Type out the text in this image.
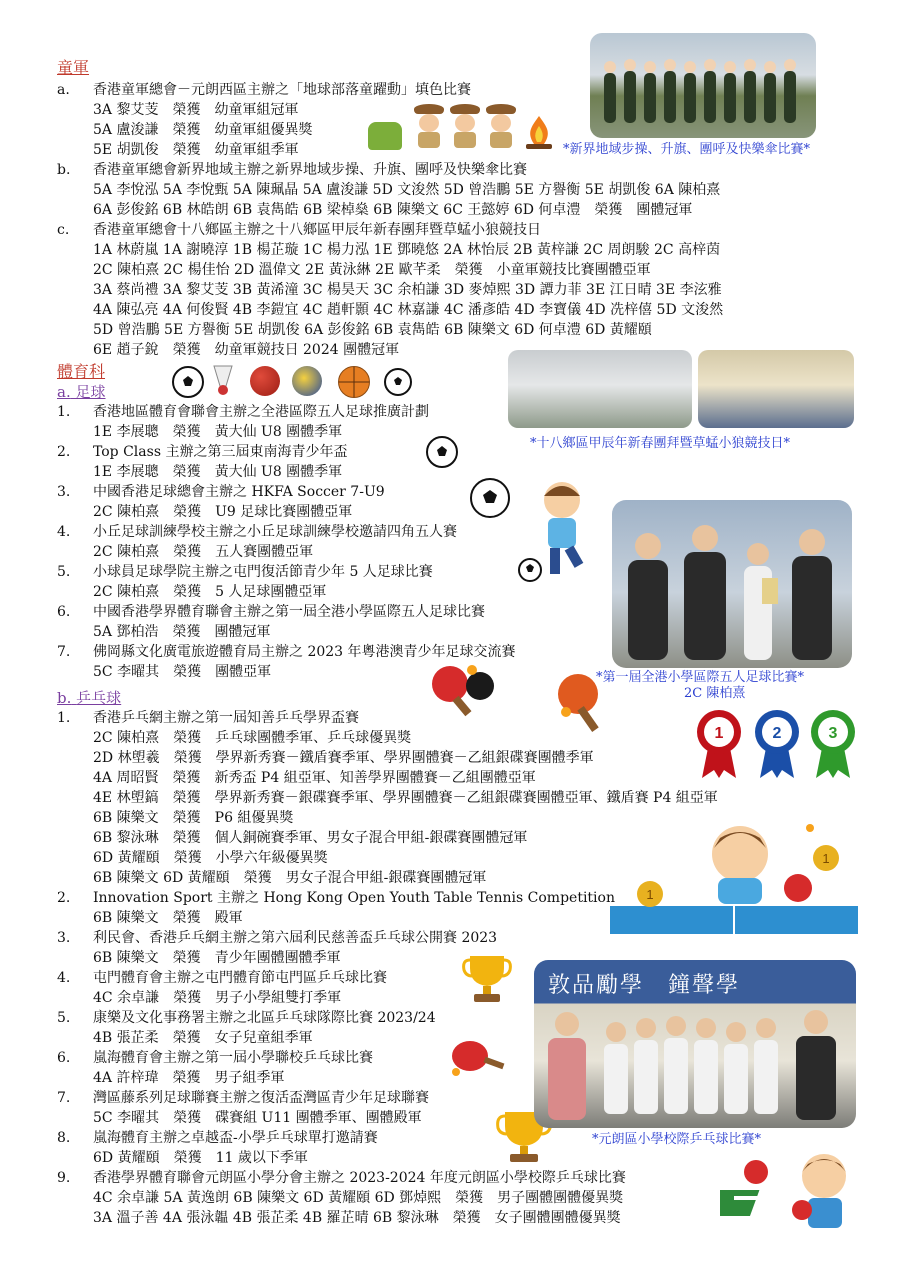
童軍
a. 香港童軍總會－元朗西區主辦之「地球部落童躍動」填色比賽
3A 黎艾芰　榮獲　幼童軍組冠軍
5A 盧浚謙　榮獲　幼童軍組優異獎
5E 胡凱俊　榮獲　幼童軍組季軍	*新界地域步操、升旗、團呼及快樂傘比賽*
b. 香港童軍總會新界地域主辦之新界地域步操、升旗、團呼及快樂傘比賽
5A 李悅泓 5A 李悅甄 5A 陳珮晶 5A 盧浚謙 5D 文浚然 5D 曾浩鵬 5E 方譽衡 5E 胡凱俊 6A 陳柏熹
6A 彭俊銘 6B 林皓朗 6B 袁雋皓 6B 梁棹燊 6B 陳樂文 6C 王懿婷 6D 何卓澧　榮獲　團體冠軍
c. 香港童軍總會十八鄉區主辦之十八鄉區甲辰年新春團拜暨草蜢小狼競技日
1A 林蔚嵐 1A 謝曉淳 1B 楊芷璇 1C 楊力泓 1E 鄧曉悠 2A 林怡辰 2B 黃梓謙 2C 周朗駿 2C 高梓茵
2C 陳柏熹 2C 楊佳怡 2D 溫偉文 2E 黃泳綝 2E 歐芊柔　榮獲　小童軍競技比賽團體亞軍
3A 蔡尚禮 3A 黎艾芰 3B 黃浠潼 3C 楊昊天 3C 余柏謙 3D 麥焯熙 3D 譚力菲 3E 江日晴 3E 李泫雅
4A 陳弘亮 4A 何俊賢 4B 李鎧宜 4C 趙軒顥 4C 林嘉謙 4C 潘彥皓 4D 李寶儀 4D 冼梓僖 5D 文浚然
5D 曾浩鵬 5E 方譽衡 5E 胡凱俊 6A 彭俊銘 6B 袁雋皓 6B 陳樂文 6D 何卓澧 6D 黃耀頤
6E 趙子銳　榮獲　幼童軍競技日 2024 團體冠軍
體育科
a. 足球
*十八鄉區甲辰年新春團拜暨草蜢小狼競技日*
1. 香港地區體育會聯會主辦之全港區際五人足球推廣計劃
1E 李展聰　榮獲　黃大仙 U8 團體季軍
2. Top Class 主辦之第三屆東南海青少年盃
1E 李展聰　榮獲　黃大仙 U8 團體季軍
3. 中國香港足球總會主辦之 HKFA Soccer 7-U9
2C 陳柏熹　榮獲　U9 足球比賽團體亞軍
4. 小丘足球訓練學校主辦之小丘足球訓練學校邀請四角五人賽
2C 陳柏熹　榮獲　五人賽團體亞軍
5. 小球員足球學院主辦之屯門復活節青少年 5 人足球比賽
2C 陳柏熹　榮獲　5 人足球團體亞軍
6. 中國香港學界體育聯會主辦之第一屆全港小學區際五人足球比賽
5A 鄧柏浩　榮獲　團體冠軍
7. 佛岡縣文化廣電旅遊體育局主辦之 2023 年粵港澳青少年足球交流賽
5C 李曜其　榮獲　團體亞軍	*第一屆全港小學區際五人足球比賽*
2C 陳柏熹
b. 乒乓球
1	2	3
1. 香港乒乓網主辦之第一屆知善乒乓學界盃賽
2C 陳柏熹　榮獲　乒乓球團體季軍、乒乓球優異獎
2D 林塱羲　榮獲　學界新秀賽－鐵盾賽季軍、學界團體賽－乙組銀碟賽團體季軍
4A 周昭賢　榮獲　新秀盃 P4 組亞軍、知善學界團體賽－乙組團體亞軍
4E 林塱鎬　榮獲　學界新秀賽－銀碟賽季軍、學界團體賽－乙組銀碟賽團體亞軍、鐵盾賽 P4 組亞軍
6B 陳樂文　榮獲　P6 組優異獎
6B 黎泳琳　榮獲　個人銅碗賽季軍、男女子混合甲組-銀碟賽團體冠軍
6D 黃耀頤　榮獲　小學六年級優異獎
6B 陳樂文 6D 黃耀頤　榮獲　男女子混合甲組-銀碟賽團體冠軍
1
1
2. Innovation Sport 主辦之 Hong Kong Open Youth Table Tennis Competition
6B 陳樂文　榮獲　殿軍
3. 利民會、香港乒乓網主辦之第六屆利民慈善盃乒乓球公開賽 2023
6B 陳樂文　榮獲　青少年團體團體季軍
4. 屯門體育會主辦之屯門體育節屯門區乒乓球比賽
4C 余卓謙　榮獲　男子小學組雙打季軍
5. 康樂及文化事務署主辦之北區乒乓球隊際比賽 2023/24
4B 張芷柔　榮獲　女子兒童組季軍
6. 嵐海體育會主辦之第一屆小學聯校乒乓球比賽
4A 許梓瑋　榮獲　男子組季軍
7. 灣區藤系列足球聯賽主辦之復活盃灣區青少年足球聯賽
5C 李曜其　榮獲　碟賽組 U11 團體季軍、團體殿軍
8. 嵐海體育主辦之卓越盃-小學乒乓球單打邀請賽
6D 黃耀頤　榮獲　11 歲以下季軍
9. 香港學界體育聯會元朗區小學分會主辦之 2023-2024 年度元朗區小學校際乒乓球比賽
4C 余卓謙 5A 黃逸朗 6B 陳樂文 6D 黃耀頤 6D 鄧焯熙　榮獲　男子團體團體優異獎
3A 溫子善 4A 張泳韞 4B 張芷柔 4B 羅芷晴 6B 黎泳琳　榮獲　女子團體團體優異獎
敦品勵學　鐘聲學
*元朗區小學校際乒乓球比賽*
